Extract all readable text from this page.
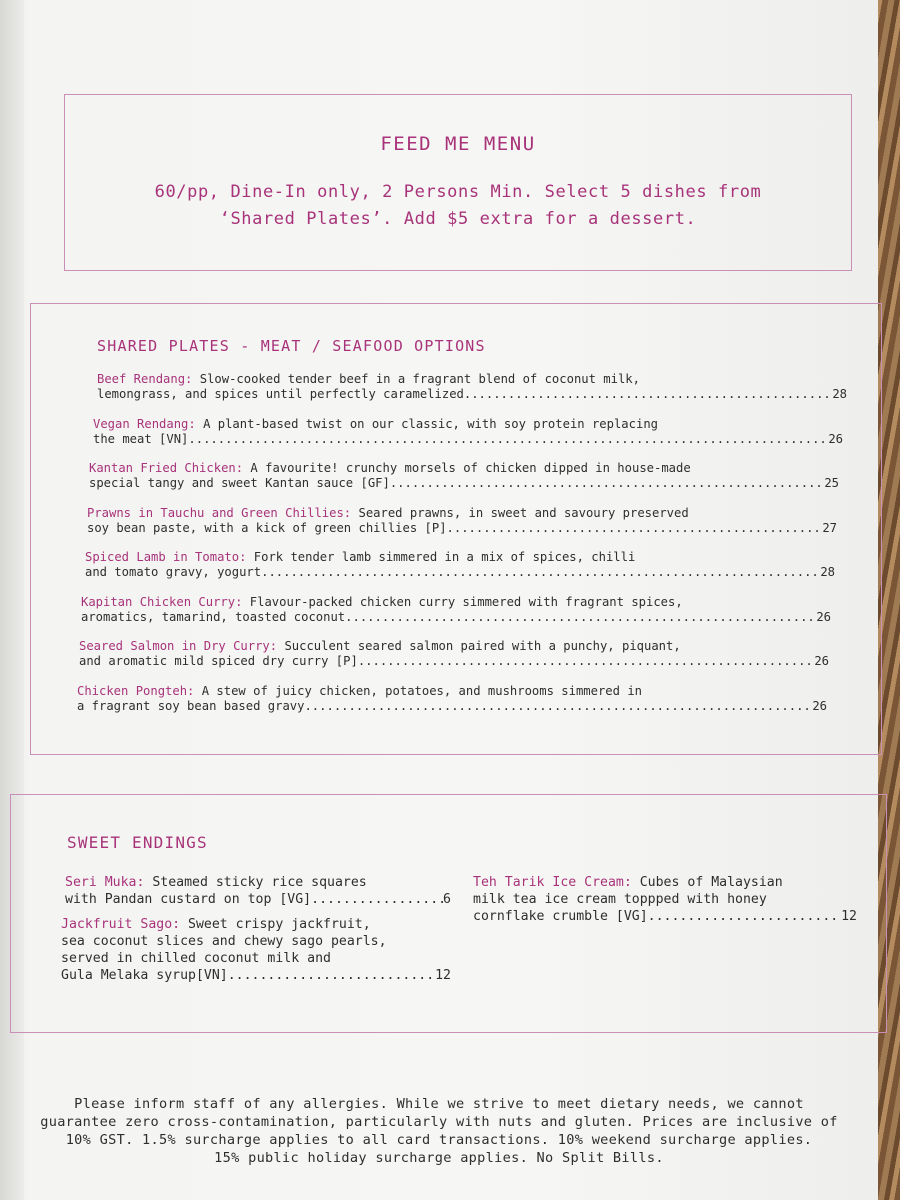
FEED ME MENU
60/pp, Dine-In only, 2 Persons Min. Select 5 dishes from ‘Shared Plates’. Add $5 extra for a dessert.
SHARED PLATES - MEAT / SEAFOOD OPTIONS
Beef Rendang: Slow-cooked tender beef in a fragrant blend of coconut milk,
lemongrass, and spices until perfectly caramelized .....	28
Vegan Rendang: A plant-based twist on our classic, with soy protein replacing
the meat [VN] .....	26
Kantan Fried Chicken: A favourite! crunchy morsels of chicken dipped in house-made
special tangy and sweet Kantan sauce [GF] .....	25
Prawns in Tauchu and Green Chillies: Seared prawns, in sweet and savoury preserved
soy bean paste, with a kick of green chillies [P] .....	27
Spiced Lamb in Tomato: Fork tender lamb simmered in a mix of spices, chilli
and tomato gravy, yogurt .....	28
Kapitan Chicken Curry: Flavour-packed chicken curry simmered with fragrant spices,
aromatics, tamarind, toasted coconut .....	26
Seared Salmon in Dry Curry: Succulent seared salmon paired with a punchy, piquant,
and aromatic mild spiced dry curry [P] .....	26
Chicken Pongteh: A stew of juicy chicken, potatoes, and mushrooms simmered in
a fragrant soy bean based gravy .....	26
SWEET ENDINGS
Seri Muka: Steamed sticky rice squares
with Pandan custard on top [VG] .....	6
Jackfruit Sago: Sweet crispy jackfruit,
sea coconut slices and chewy sago pearls,
served in chilled coconut milk and
Gula Melaka syrup[VN] .....	12
Teh Tarik Ice Cream: Cubes of Malaysian
milk tea ice cream toppped with honey
cornflake crumble [VG] .....	12
Please inform staff of any allergies. While we strive to meet dietary needs, we cannot
guarantee zero cross-contamination, particularly with nuts and gluten. Prices are inclusive of
10% GST. 1.5% surcharge applies to all card transactions. 10% weekend surcharge applies.
15% public holiday surcharge applies. No Split Bills.
